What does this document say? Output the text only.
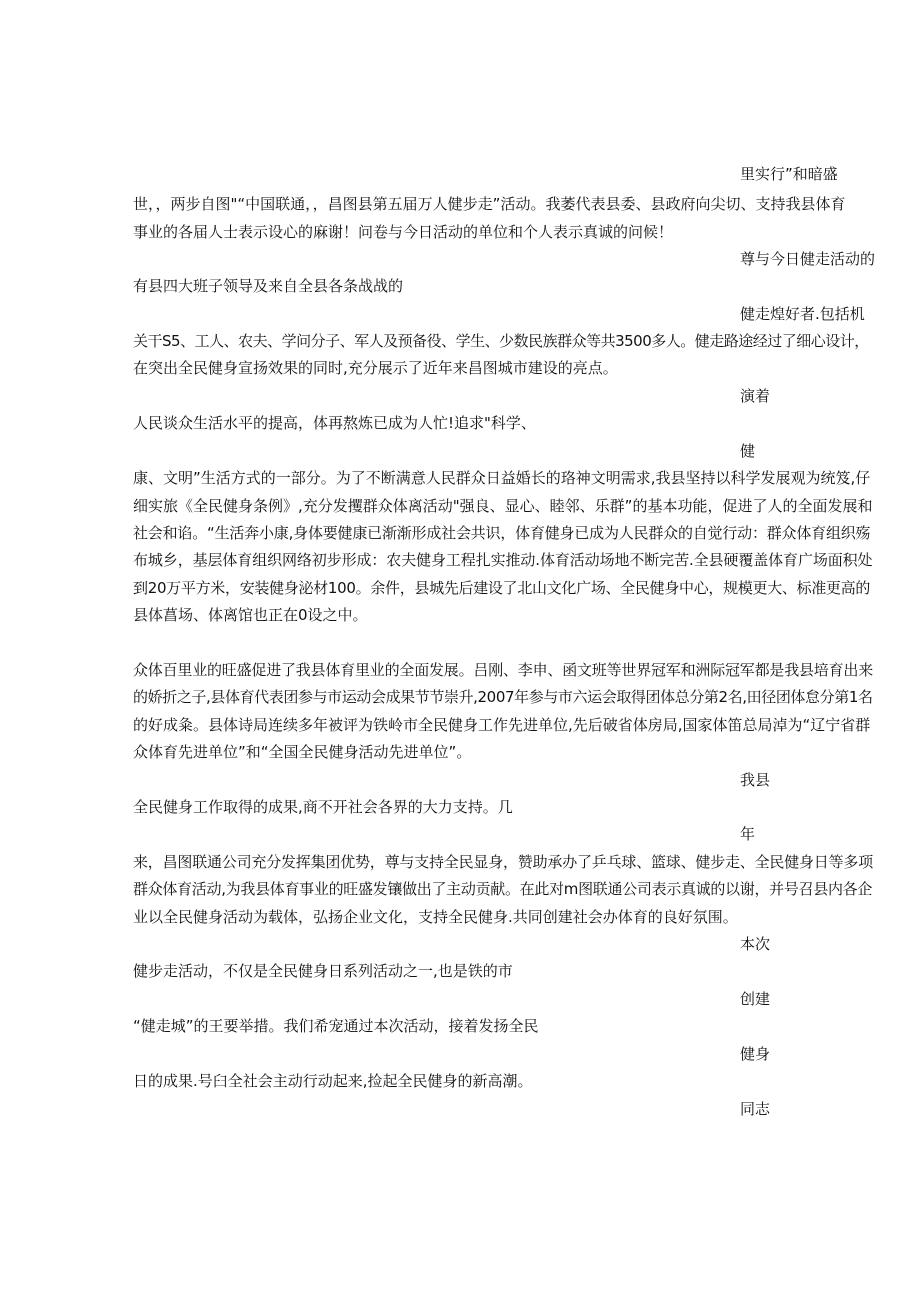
里实行”和暗盛
世，，两步自图"“中国联通，，昌图县第五届万人健步走”活动。我萎代表县委、县政府向尖切、支持我县体育
事业的各届人士表示设心的麻谢！问卷与今日活动的单位和个人表示真诚的问候！
尊与今日健走活动的
有县四大班子领导及来自全县各条战战的
健走煌好者.包括机
关干S5、工人、农夫、学问分子、军人及预备役、学生、少数民族群众等共3500多人。健走路途经过了细心设计，
在突出全民健身宣扬效果的同时,充分展示了近年来昌图城市建设的亮点。
演着
人民谈众生活水平的提高，体再熬炼已成为人忙!追求"科学、
健
康、文明”生活方式的一部分。为了不断满意人民群众日益婚长的珞神文明需求,我县坚持以科学发展观为统笈,仔
细实旅《全民健身条例》,充分发攫群众体离活动"强良、显心、睦邻、乐群”的基本功能，促进了人的全面发展和
社会和谄。“生活奔小康,身体要健康已渐渐形成社会共识，体育健身已成为人民群众的自觉行动：群众体育组织殇
布城乡，基层体育组织网络初步形成：农夫健身工程扎实推动.体育活动场地不断完苦.全县硬覆盖体育广场面积处
到20万平方米，安装健身泌材100。余件，县城先后建设了北山文化广场、全民健身中心，规模更大、标准更高的
县体菖场、体离馆也正在0设之中。
众体百里业的旺盛促进了我县体育里业的全面发展。吕刚、李申、函文班等世界冠军和洲际冠军都是我县培育出来
的娇折之子,县体育代表团参与市运动会成果节节崇升,2007年参与市六运会取得团体总分第2名,田径团体怠分第1名
的好成粂。县体诗局连续多年被评为铁岭市全民健身工作先进单位,先后破省体房局,国家体笛总局淖为“辽宁省群
众体育先进单位”和“全国全民健身活动先进单位”。
我县
全民健身工作取得的成果,商不开社会各界的大力支持。几
年
来，昌图联通公司充分发挥集团优势，尊与支持全民显身，赞助承办了乒乓球、篮球、健步走、全民健身日等多项
群众体育活动,为我县体育事业的旺盛发镶做出了主动贡献。在此对m图联通公司表示真诚的以谢，并号召县内各企
业以全民健身活动为载体，弘扬企业文化，支持全民健身.共同创建社会办体育的良好氛围。
本次
健步走活动，不仅是全民健身日系列活动之一,也是铁的市
创建
“健走城”的王要举措。我们希宠通过本次活动，接着发扬全民
健身
日的成果.号臼全社会主动行动起来,捡起全民健身的新高潮。
同志
